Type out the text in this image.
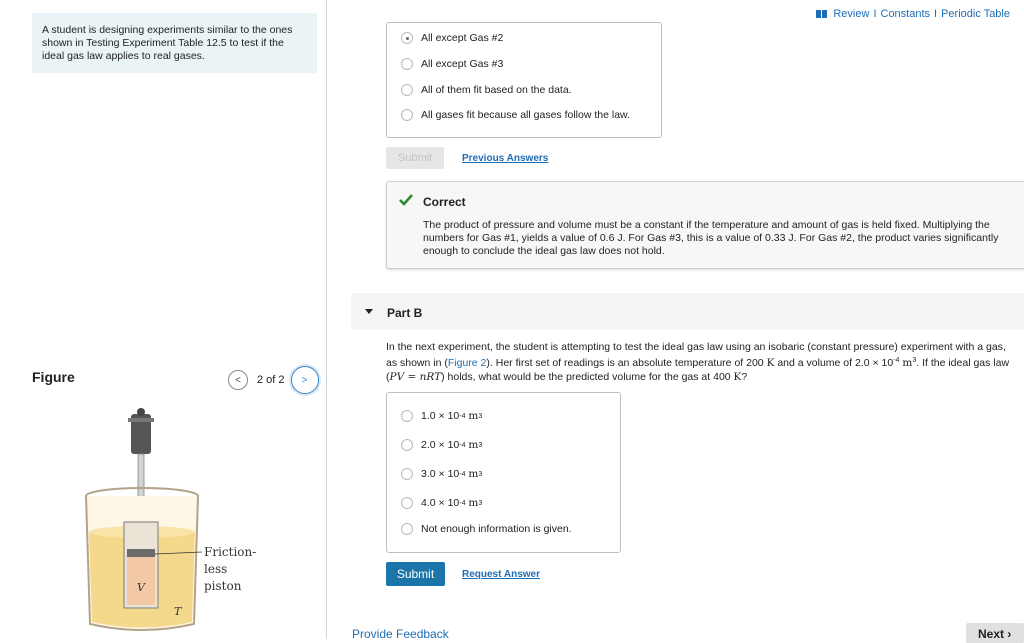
A student is designing experiments similar to the ones shown in Testing Experiment Table 12.5 to test if the ideal gas law applies to real gases.
Figure	< 2 of 2 >
Friction-
less
piston
V
T
Review I Constants I Periodic Table
All except Gas #2
All except Gas #3
All of them fit based on the data.
All gases fit because all gases follow the law.
Submit	Previous Answers
Correct
The product of pressure and volume must be a constant if the temperature and amount of gas is held fixed. Multiplying the numbers for Gas #1, yields a value of 0.6 J. For Gas #3, this is a value of 0.33 J. For Gas #2, the product varies significantly enough to conclude the ideal gas law does not hold.
Part B
In the next experiment, the student is attempting to test the ideal gas law using an isobaric (constant pressure) experiment with a gas, as shown in (Figure 2). Her first set of readings is an absolute temperature of 200 K and a volume of $2.0 \times 10^{-4}$ $m^3$. If the ideal gas law (PV = nRT) holds, what would be the predicted volume for the gas at 400 K?
1.0 ×
10 -4
m 3
2.0 ×
10 -4
m 3
3.0 ×
10 -4
m 3
4.0 ×
10 -4
m 3
Not enough information is given.
Submit	Request Answer
Provide Feedback	Next ›
